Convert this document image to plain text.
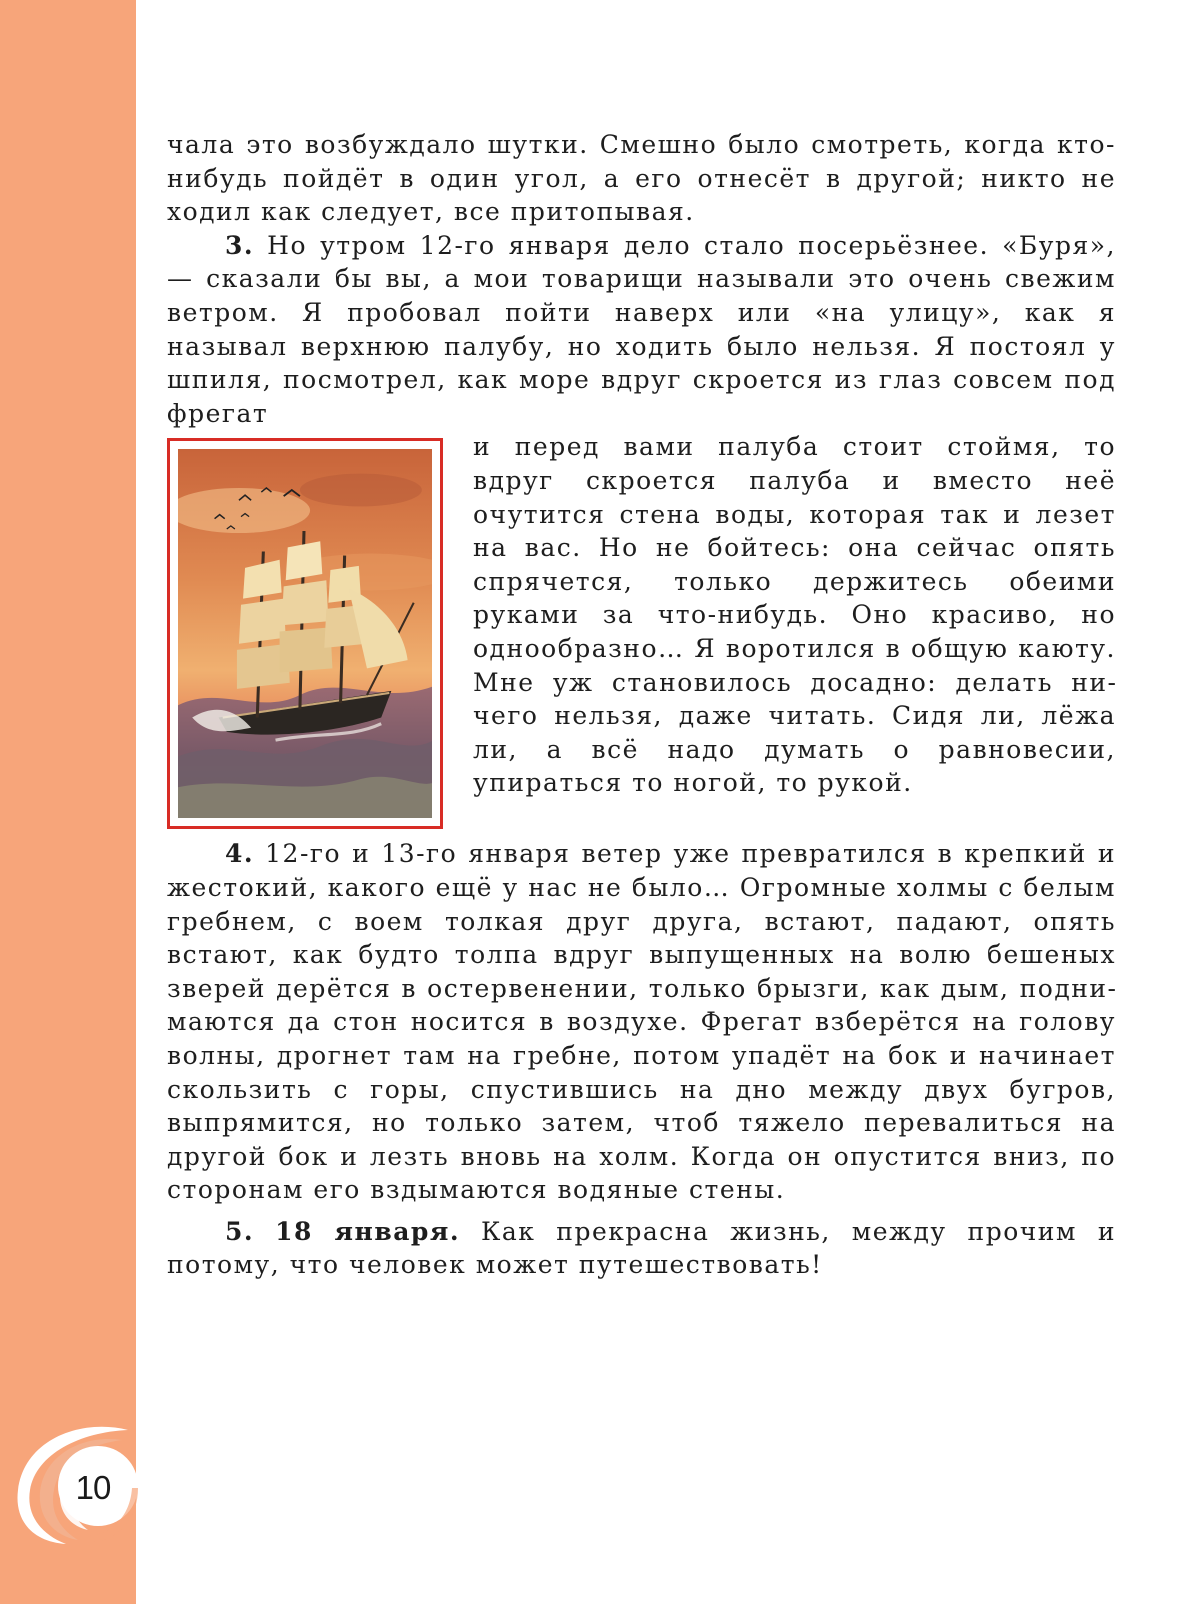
10

чала это возбуждало шутки. Смешно было смотреть, когда кто-нибудь пойдёт в один угол, а его отнесёт в другой; никто не ходил как следует, все притопывая.

3. Но утром 12-го января дело стало посерьёзнее. «Буря», — сказали бы вы, а мои товарищи называли это очень свежим ветром. Я пробовал пойти наверх или «на улицу», как я называл верхнюю палубу, но ходить было нельзя. Я постоял у шпиля, посмотрел, как море вдруг скроется из глаз совсем под фрегат

и перед вами палуба стоит стоймя, то вдруг скроется палуба и вместо неё очутится стена воды, которая так и лезет на вас. Но не бойтесь: она сейчас опять спрячется, только держитесь обеими руками за что-нибудь. Оно красиво, но однообразно… Я воротился в общую каюту. Мне уж становилось досадно: делать ничего нельзя, даже читать. Сидя ли, лёжа ли, а всё надо думать о равновесии, упираться то ногой, то рукой.

4. 12-го и 13-го января ветер уже превратился в крепкий и жестокий, какого ещё у нас не было… Огромные холмы с белым гребнем, с воем толкая друг друга, встают, падают, опять встают, как будто толпа вдруг выпущенных на волю бешеных зверей дерётся в остервенении, только брызги, как дым, поднимаются да стон носится в воздухе. Фрегат взберётся на голову волны, дрогнет там на гребне, потом упадёт на бок и начинает скользить с горы, спустившись на дно между двух бугров, выпрямится, но только затем, чтоб тяжело перевалиться на другой бок и лезть вновь на холм. Когда он опустится вниз, по сторонам его вздымаются водяные стены.

5. 18 января. Как прекрасна жизнь, между прочим и потому, что человек может путешествовать!
